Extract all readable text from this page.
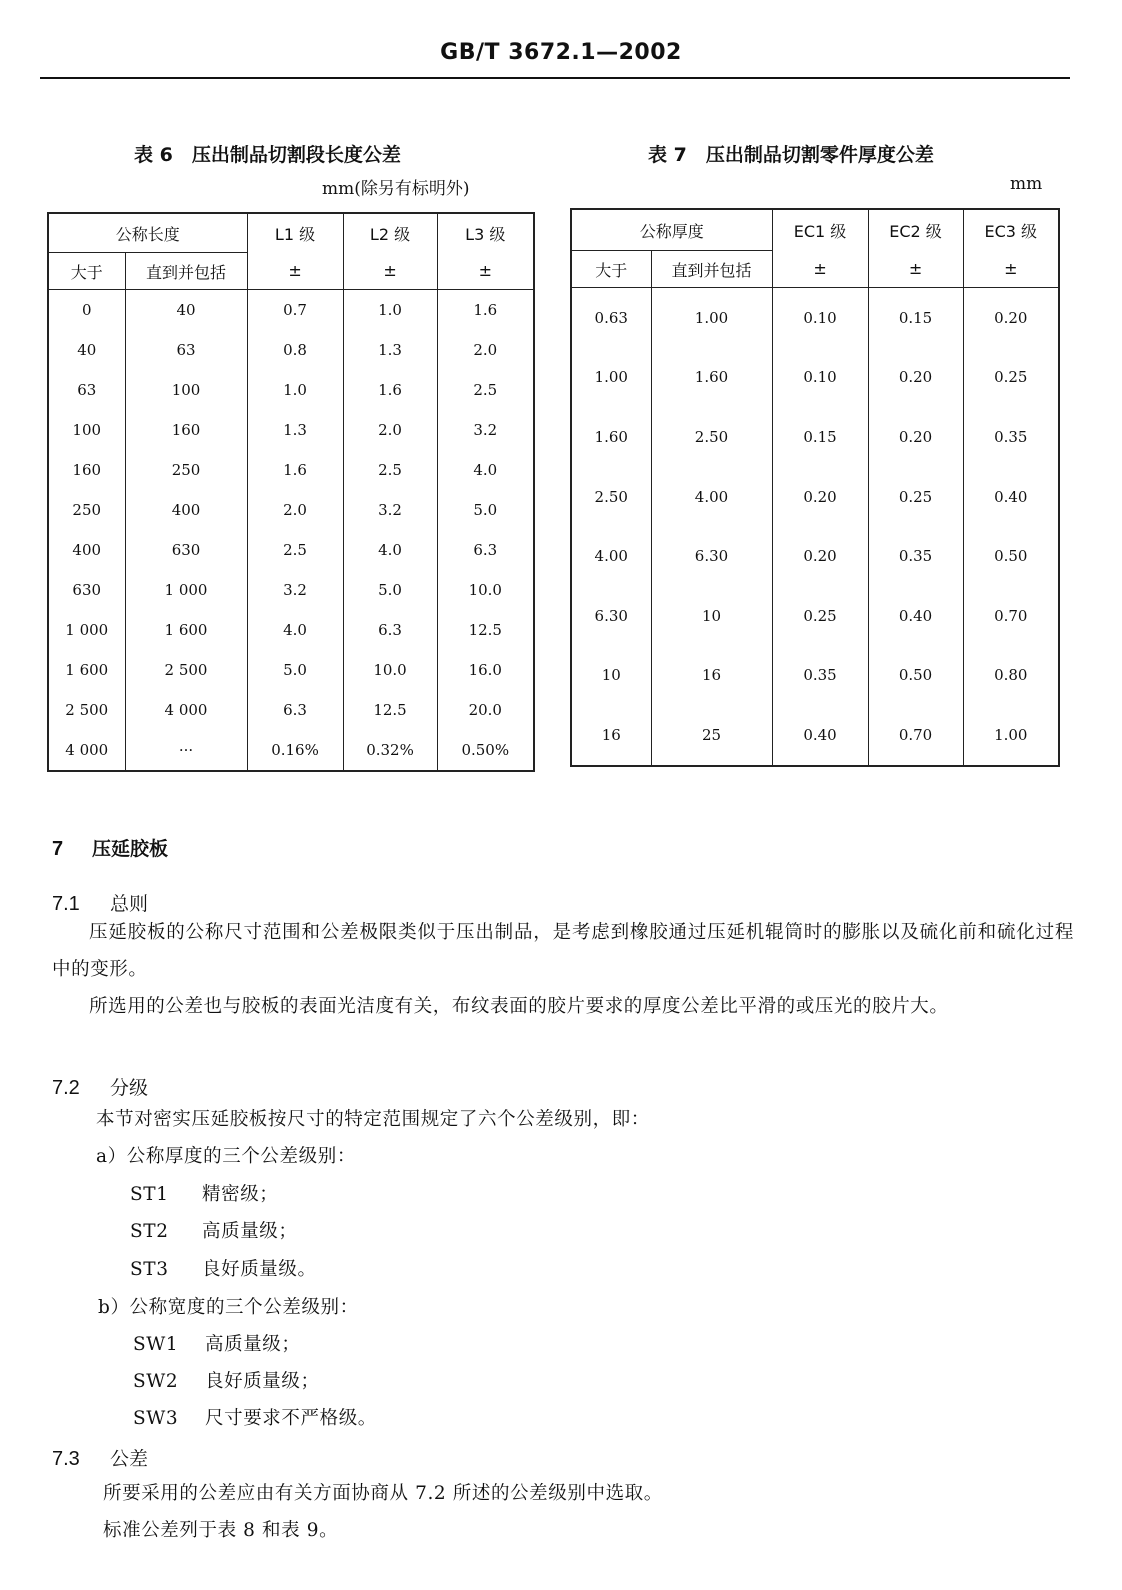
GB/T 3672.1—2002
表 6　压出制品切割段长度公差
mm(除另有标明外)
公称长度		L1 级	L2 级	L3 级
大于	直到并包括	±	±	±
0	40	0.7	1.0	1.6
40	63	0.8	1.3	2.0
63	100	1.0	1.6	2.5
100	160	1.3	2.0	3.2
160	250	1.6	2.5	4.0
250	400	2.0	3.2	5.0
400	630	2.5	4.0	6.3
630	1 000	3.2	5.0	10.0
1 000	1 600	4.0	6.3	12.5
1 600	2 500	5.0	10.0	16.0
2 500	4 000	6.3	12.5	20.0
4 000	···	0.16%	0.32%	0.50%
表 7　压出制品切割零件厚度公差
mm
公称厚度		EC1 级	EC2 级	EC3 级
大于	直到并包括	±	±	±
0.63	1.00	0.10	0.15	0.20
1.00	1.60	0.10	0.20	0.25
1.60	2.50	0.15	0.20	0.35
2.50	4.00	0.20	0.25	0.40
4.00	6.30	0.20	0.35	0.50
6.30	10	0.25	0.40	0.70
10	16	0.35	0.50	0.80
16	25	0.40	0.70	1.00
7 压延胶板
7.1 总则
压延胶板的公称尺寸范围和公差极限类似于压出制品，是考虑到橡胶通过压延机辊筒时的膨胀以及硫化前和硫化过程中的变形。
所选用的公差也与胶板的表面光洁度有关，布纹表面的胶片要求的厚度公差比平滑的或压光的胶片大。
7.2 分级
本节对密实压延胶板按尺寸的特定范围规定了六个公差级别，即：
a）公称厚度的三个公差级别：
ST1 精密级；
ST2 高质量级；
ST3 良好质量级。
b）公称宽度的三个公差级别：
SW1 高质量级；
SW2 良好质量级；
SW3 尺寸要求不严格级。
7.3 公差
所要采用的公差应由有关方面协商从 7.2 所述的公差级别中选取。
标准公差列于表 8 和表 9。
